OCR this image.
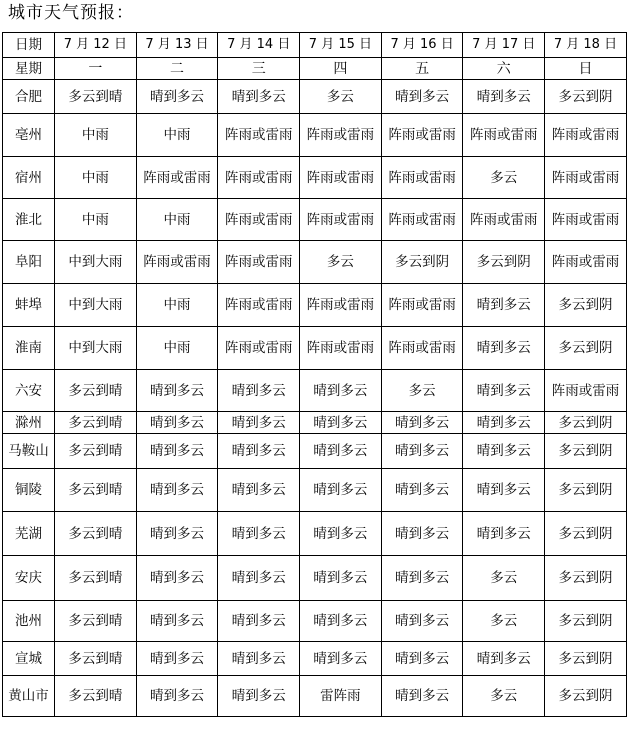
城市天气预报：
日期	7 月 12 日	7 月 13 日	7 月 14 日	7 月 15 日	7 月 16 日	7 月 17 日	7 月 18 日
星期	一	二	三	四	五	六	日
合肥	多云到晴	晴到多云	晴到多云	多云	晴到多云	晴到多云	多云到阴
亳州	中雨	中雨	阵雨或雷雨	阵雨或雷雨	阵雨或雷雨	阵雨或雷雨	阵雨或雷雨
宿州	中雨	阵雨或雷雨	阵雨或雷雨	阵雨或雷雨	阵雨或雷雨	多云	阵雨或雷雨
淮北	中雨	中雨	阵雨或雷雨	阵雨或雷雨	阵雨或雷雨	阵雨或雷雨	阵雨或雷雨
阜阳	中到大雨	阵雨或雷雨	阵雨或雷雨	多云	多云到阴	多云到阴	阵雨或雷雨
蚌埠	中到大雨	中雨	阵雨或雷雨	阵雨或雷雨	阵雨或雷雨	晴到多云	多云到阴
淮南	中到大雨	中雨	阵雨或雷雨	阵雨或雷雨	阵雨或雷雨	晴到多云	多云到阴
六安	多云到晴	晴到多云	晴到多云	晴到多云	多云	晴到多云	阵雨或雷雨
滁州	多云到晴	晴到多云	晴到多云	晴到多云	晴到多云	晴到多云	多云到阴
马鞍山	多云到晴	晴到多云	晴到多云	晴到多云	晴到多云	晴到多云	多云到阴
铜陵	多云到晴	晴到多云	晴到多云	晴到多云	晴到多云	晴到多云	多云到阴
芜湖	多云到晴	晴到多云	晴到多云	晴到多云	晴到多云	晴到多云	多云到阴
安庆	多云到晴	晴到多云	晴到多云	晴到多云	晴到多云	多云	多云到阴
池州	多云到晴	晴到多云	晴到多云	晴到多云	晴到多云	多云	多云到阴
宣城	多云到晴	晴到多云	晴到多云	晴到多云	晴到多云	晴到多云	多云到阴
黄山市	多云到晴	晴到多云	晴到多云	雷阵雨	晴到多云	多云	多云到阴
